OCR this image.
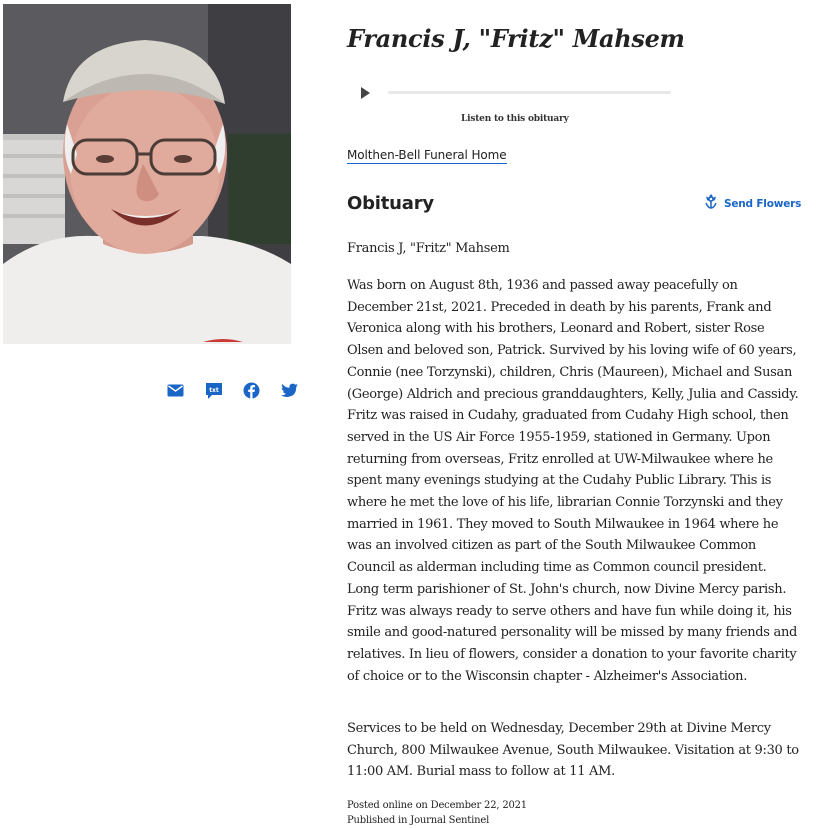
txt
Francis J, "Fritz" Mahsem
Listen to this obituary
Molthen-Bell Funeral Home
Obituary	Send Flowers
Francis J, "Fritz" Mahsem

Was born on August 8th, 1936 and passed away peacefully on December 21st, 2021. Preceded in death by his parents, Frank and Veronica along with his brothers, Leonard and Robert, sister Rose Olsen and beloved son, Patrick. Survived by his loving wife of 60 years, Connie (nee Torzynski), children, Chris (Maureen), Michael and Susan (George) Aldrich and precious granddaughters, Kelly, Julia and Cassidy. Fritz was raised in Cudahy, graduated from Cudahy High school, then served in the US Air Force 1955-1959, stationed in Germany. Upon returning from overseas, Fritz enrolled at UW-Milwaukee where he spent many evenings studying at the Cudahy Public Library. This is where he met the love of his life, librarian Connie Torzynski and they married in 1961. They moved to South Milwaukee in 1964 where he was an involved citizen as part of the South Milwaukee Common Council as alderman including time as Common council president. Long term parishioner of St. John's church, now Divine Mercy parish. Fritz was always ready to serve others and have fun while doing it, his smile and good-natured personality will be missed by many friends and relatives. In lieu of flowers, consider a donation to your favorite charity of choice or to the Wisconsin chapter - Alzheimer's Association.

Services to be held on Wednesday, December 29th at Divine Mercy Church, 800 Milwaukee Avenue, South Milwaukee. Visitation at 9:30 to 11:00 AM. Burial mass to follow at 11 AM.

Posted online on December 22, 2021
Published in Journal Sentinel
